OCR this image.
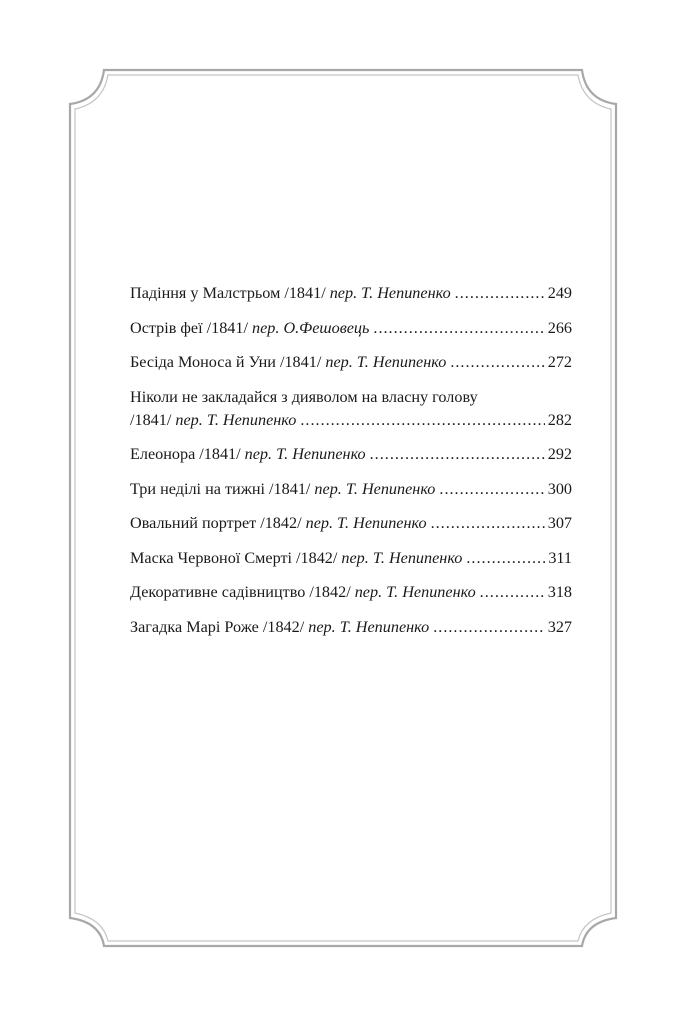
Падіння у Малстрьом /1841/ пер. Т. Непипенко .....	249
Острів феї /1841/ пер. О.Фешовець .....	266
Бесіда Моноса й Уни /1841/ пер. Т. Непипенко .....	272
Ніколи не закладайся з дияволом на власну голову
/1841/ пер. Т. Непипенко .....	282
Елеонора /1841/ пер. Т. Непипенко .....	292
Три неділі на тижні /1841/ пер. Т. Непипенко .....	300
Овальний портрет /1842/ пер. Т. Непипенко .....	307
Маска Червоної Смерті /1842/ пер. Т. Непипенко .....	311
Декоративне садівництво /1842/ пер. Т. Непипенко .....	318
Загадка Марі Роже /1842/ пер. Т. Непипенко .....	327
